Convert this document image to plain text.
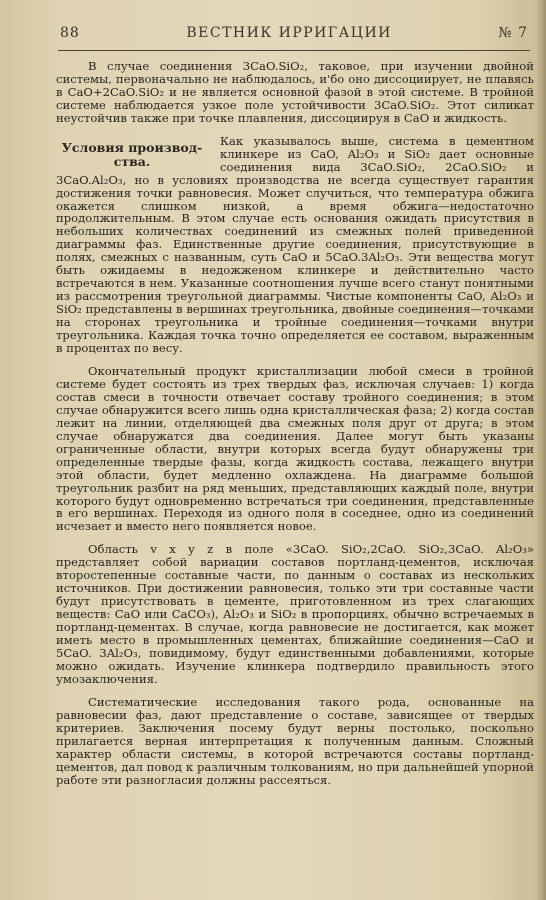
88	ВЕСТНИК ИРРИГАЦИИ	№ 7

В случае соединения 3CaO.SiO₂, таковое, при изучении двойной системы, первоначально не наблюдалось, и'бо оно диссоциирует, не плавясь в CaO+2CaO.SiO₂ и не является основной фазой в этой системе. В тройной системе наблюдается узкое поле устойчивости 3CaO.SiO₂. Этот силикат неустойчив также при точке плавления, диссоциируя в CaO и жидкость.

Условия производ-ства.

Как указывалось выше, система в цементном клинкере из CaO, Al₂O₃ и SiO₂ дает основные соединения вида 3CaO.SiO₂, 2CaO.SiO₂ и 3CaO.Al₂O₃, но в условиях производства не всегда существует гарантия достижения точки равновесия. Может случиться, что температура обжига окажется слишком низкой, а время обжига—недостаточно продолжительным. В этом случае есть основания ожидать присутствия в небольших количествах соединений из смежных полей приведенной диаграммы фаз. Единственные другие соединения, присутствующие в полях, смежных с названным, суть CaO и 5CaO.3Al₂O₃. Эти вещества могут быть ожидаемы в недожженом клинкере и действительно часто встречаются в нем. Указанные соотношения лучше всего станут понятными из рассмотрения треугольной диаграммы. Чистые компоненты CaO, Al₂O₃ и SiO₂ представлены в вершинах треугольника, двойные соединения—точками на сторонах треугольника и тройные соединения—точками внутри треугольника. Каждая точка точно определяется ее составом, выраженным в процентах по весу.

Окончательный продукт кристаллизации любой смеси в тройной системе будет состоять из трех твердых фаз, исключая случаев: 1) когда состав смеси в точности отвечает составу тройного соединения; в этом случае обнаружится всего лишь одна кристаллическая фаза; 2) когда состав лежит на линии, отделяющей два смежных поля друг от друга; в этом случае обнаружатся два соединения. Далее могут быть указаны ограниченные области, внутри которых всегда будут обнаружены три определенные твердые фазы, когда жидкость состава, лежащего внутри этой области, будет медленно охлаждена. На диаграмме большой треугольник разбит на ряд меньших, представляющих каждый поле, внутри которого будут одновременно встречаться три соединения, представленные в его вершинах. Переходя из одного поля в соседнее, одно из соединений исчезает и вместо него появляется новое.

Область v x y z в поле «3CaO. SiO₂,2CaO. SiO₂,3CaO. Al₂O₃» представляет собой вариации составов портланд-цементов, исключая второстепенные составные части, по данным о составах из нескольких источников. При достижении равновесия, только эти три составные части будут присутствовать в цементе, приготовленном из трех слагающих веществ: CaO или CaCO₃), Al₂O₃ и SiO₂ в пропорциях, обычно встречаемых в портланд-цементах. В случае, когда равновесие не достигается, как может иметь место в промышленных цементах, ближайшие соединения—CaO и 5CaO. 3Al₂O₃, повидимому, будут единственными добавлениями, которые можно ожидать. Изучение клинкера подтвердило правильность этого умозаключения.

Систематические исследования такого рода, основанные на равновесии фаз, дают представление о составе, зависящее от твердых критериев. Заключения посему будут верны постолько, поскольно прилагается верная интерпретация к полученным данным. Сложный характер области системы, в которой встречаются составы портланд-цементов, дал повод к различным толкованиям, но при дальнейшей упорной работе эти разногласия должны рассеяться.
